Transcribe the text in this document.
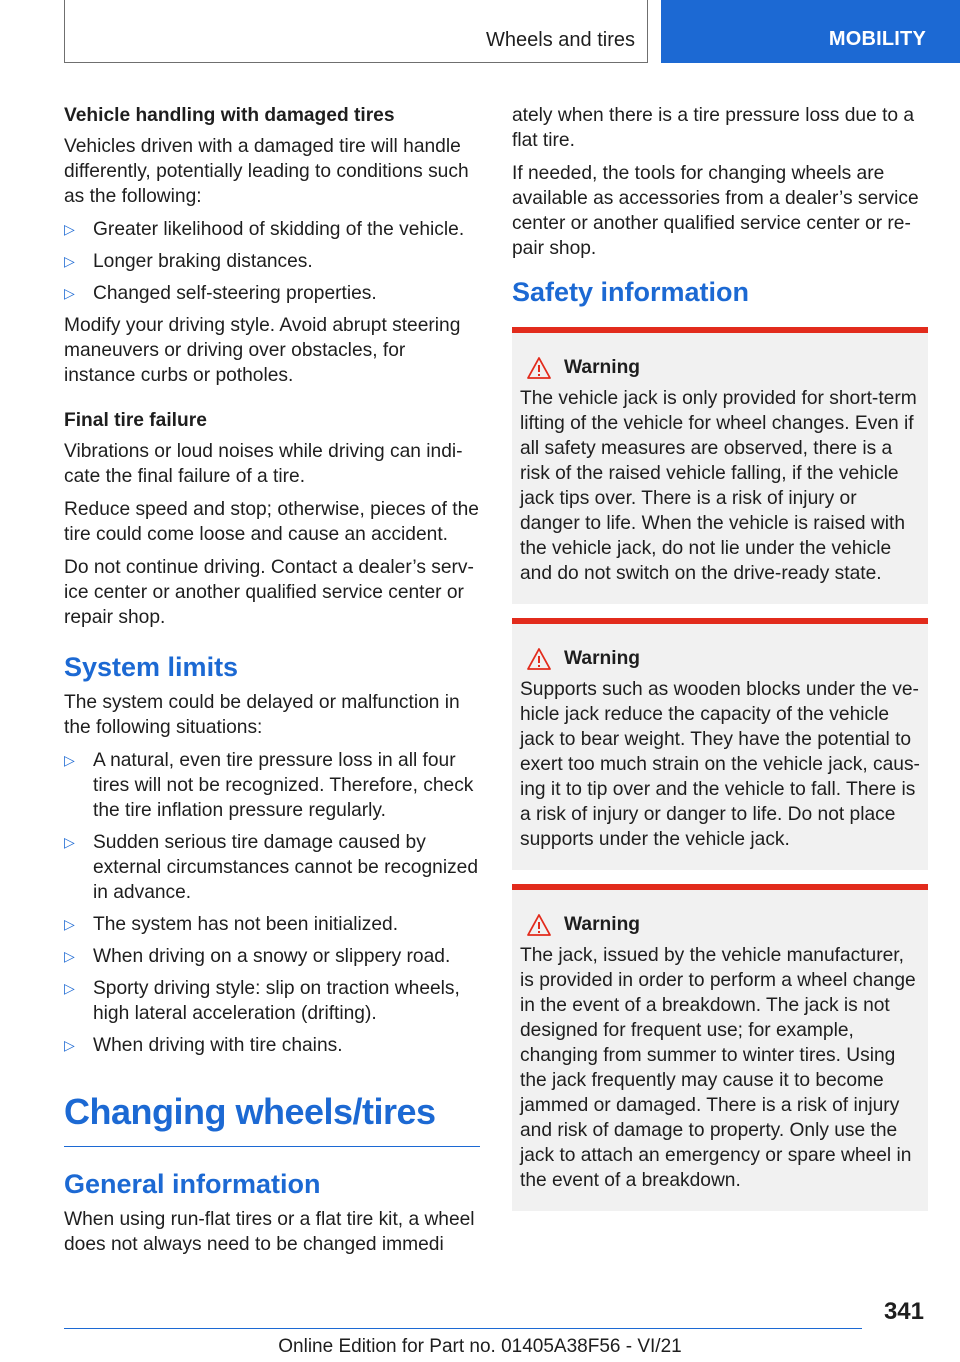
Wheels and tires	MOBILITY

Vehicle handling with damaged tires

Vehicles driven with a damaged tire will handle differently, potentially leading to conditions such as the following:

▷ Greater likelihood of skidding of the vehicle.
▷ Longer braking distances.
▷ Changed self-steering properties.

Modify your driving style. Avoid abrupt steering maneuvers or driving over obstacles, for instance curbs or potholes.

Final tire failure

Vibrations or loud noises while driving can indicate the final failure of a tire.

Reduce speed and stop; otherwise, pieces of the tire could come loose and cause an accident.

Do not continue driving. Contact a dealer’s service center or another qualified service center or repair shop.

System limits

The system could be delayed or malfunction in the following situations:

▷ A natural, even tire pressure loss in all four tires will not be recognized. Therefore, check the tire inflation pressure regularly.
▷ Sudden serious tire damage caused by external circumstances cannot be recognized in advance.
▷ The system has not been initialized.
▷ When driving on a snowy or slippery road.
▷ Sporty driving style: slip on traction wheels, high lateral acceleration (drifting).
▷ When driving with tire chains.
Changing wheels/tires
General information

When using run-flat tires or a flat tire kit, a wheel does not always need to be changed immedi

ately when there is a tire pressure loss due to a flat tire.

If needed, the tools for changing wheels are available as accessories from a dealer’s service center or another qualified service center or repair shop.

Safety information
Warning

The vehicle jack is only provided for short-term lifting of the vehicle for wheel changes. Even if all safety measures are observed, there is a risk of the raised vehicle falling, if the vehicle jack tips over. There is a risk of injury or danger to life. When the vehicle is raised with the vehicle jack, do not lie under the vehicle and do not switch on the drive-ready state.

Warning

Supports such as wooden blocks under the vehicle jack reduce the capacity of the vehicle jack to bear weight. They have the potential to exert too much strain on the vehicle jack, causing it to tip over and the vehicle to fall. There is a risk of injury or danger to life. Do not place supports under the vehicle jack.

Warning

The jack, issued by the vehicle manufacturer, is provided in order to perform a wheel change in the event of a breakdown. The jack is not designed for frequent use; for example, changing from summer to winter tires. Using the jack frequently may cause it to become jammed or damaged. There is a risk of injury and risk of damage to property. Only use the jack to attach an emergency or spare wheel in the event of a breakdown.

341
Online Edition for Part no. 01405A38F56 - VI/21
